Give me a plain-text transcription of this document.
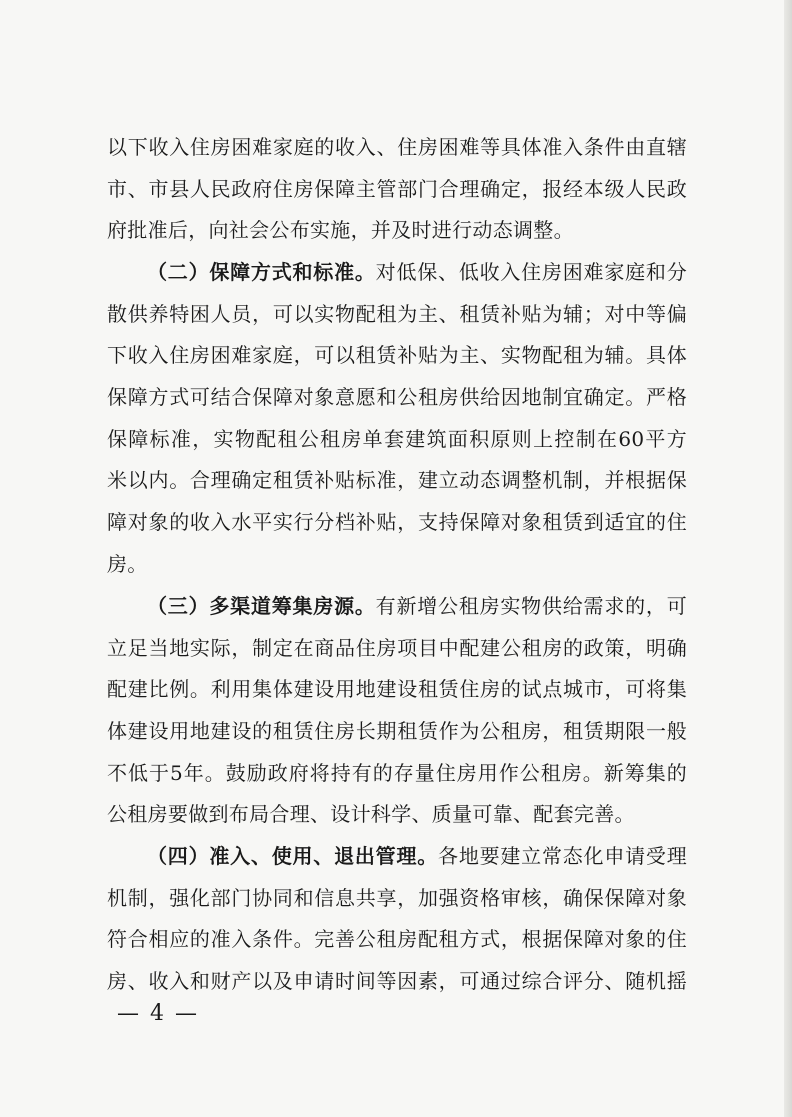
以下收入住房困难家庭的收入、住房困难等具体准入条件由直辖
市、市县人民政府住房保障主管部门合理确定，报经本级人民政
府批准后，向社会公布实施，并及时进行动态调整。
（二）保障方式和标准。对低保、低收入住房困难家庭和分
散供养特困人员，可以实物配租为主、租赁补贴为辅；对中等偏
下收入住房困难家庭，可以租赁补贴为主、实物配租为辅。具体
保障方式可结合保障对象意愿和公租房供给因地制宜确定。严格
保障标准，实物配租公租房单套建筑面积原则上控制在60平方
米以内。合理确定租赁补贴标准，建立动态调整机制，并根据保
障对象的收入水平实行分档补贴，支持保障对象租赁到适宜的住
房。
（三）多渠道筹集房源。有新增公租房实物供给需求的，可
立足当地实际，制定在商品住房项目中配建公租房的政策，明确
配建比例。利用集体建设用地建设租赁住房的试点城市，可将集
体建设用地建设的租赁住房长期租赁作为公租房，租赁期限一般
不低于5年。鼓励政府将持有的存量住房用作公租房。新筹集的
公租房要做到布局合理、设计科学、质量可靠、配套完善。
（四）准入、使用、退出管理。各地要建立常态化申请受理
机制，强化部门协同和信息共享，加强资格审核，确保保障对象
符合相应的准入条件。完善公租房配租方式，根据保障对象的住
房、收入和财产以及申请时间等因素，可通过综合评分、随机摇
— 4 —
